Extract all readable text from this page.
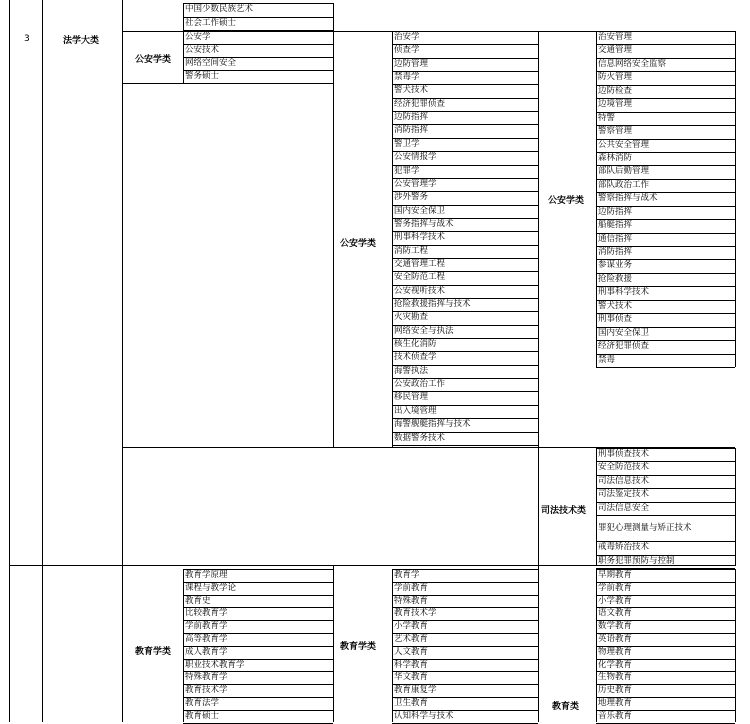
3	法学大类
中国少数民族艺术
社会工作硕士
公安学类
公安学
公安技术
网络空间安全
警务硕士
公安学类
治安学
侦查学
边防管理
禁毒学
警犬技术
经济犯罪侦查
边防指挥
消防指挥
警卫学
公安情报学
犯罪学
公安管理学
涉外警务
国内安全保卫
警务指挥与战术
刑事科学技术
消防工程
交通管理工程
安全防范工程
公安视听技术
抢险救援指挥与技术
火灾勘查
网络安全与执法
核生化消防
技术侦查学
海警执法
公安政治工作
移民管理
出入境管理
海警舰艇指挥与技术
数据警务技术
公安学类
治安管理
交通管理
信息网络安全监察
防火管理
边防检查
边境管理
特警
警察管理
公共安全管理
森林消防
部队后勤管理
部队政治工作
警察指挥与战术
边防指挥
船艇指挥
通信指挥
消防指挥
参谋业务
抢险救援
刑事科学技术
警犬技术
刑事侦查
国内安全保卫
经济犯罪侦查
禁毒
司法技术类
刑事侦查技术
安全防范技术
司法信息技术
司法鉴定技术
司法信息安全
罪犯心理测量与矫正技术
戒毒矫治技术
职务犯罪预防与控制
教育学类
教育学原理
课程与教学论
教育史
比较教育学
学前教育学
高等教育学
成人教育学
职业技术教育学
特殊教育学
教育技术学
教育法学
教育硕士
教育学类
教育学
学前教育
特殊教育
教育技术学
小学教育
艺术教育
人文教育
科学教育
华文教育
教育康复学
卫生教育
认知科学与技术
教育类
早期教育
学前教育
小学教育
语文教育
数学教育
英语教育
物理教育
化学教育
生物教育
历史教育
地理教育
音乐教育
